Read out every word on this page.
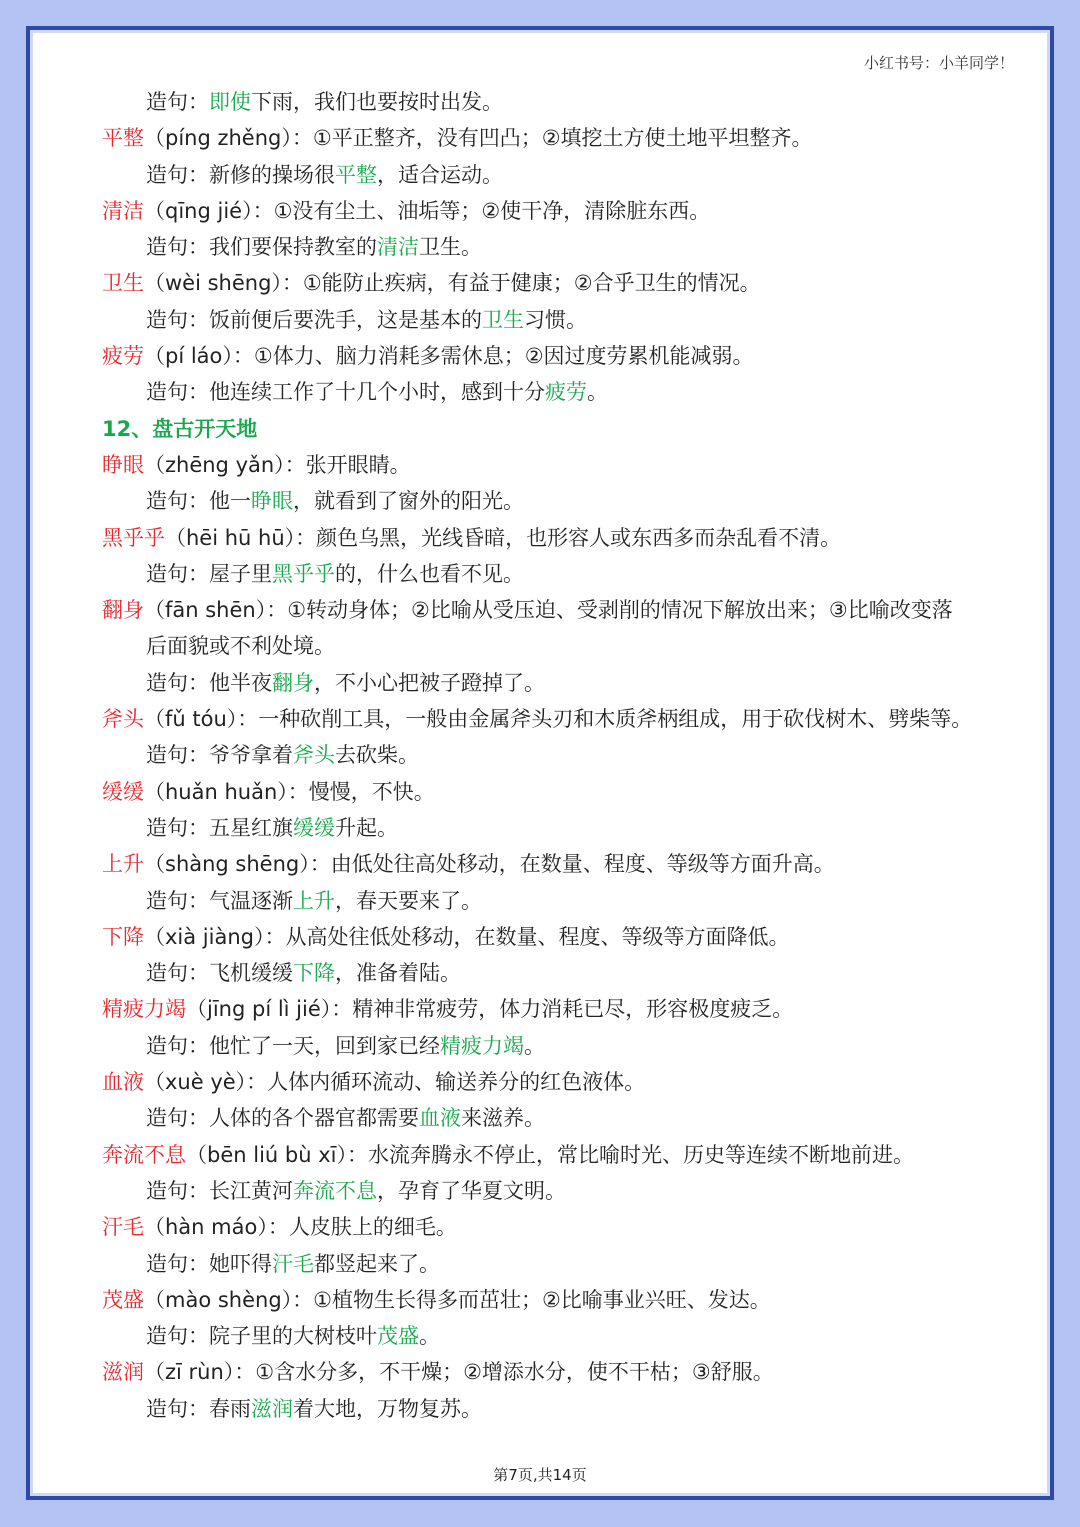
小红书号：小羊同学！
造句：即使下雨，我们也要按时出发。
平整（píng zhěng）：①平正整齐，没有凹凸；②填挖土方使土地平坦整齐。
造句：新修的操场很平整，适合运动。
清洁（qīng jié）：①没有尘土、油垢等；②使干净，清除脏东西。
造句：我们要保持教室的清洁卫生。
卫生（wèi shēng）：①能防止疾病，有益于健康；②合乎卫生的情况。
造句：饭前便后要洗手，这是基本的卫生习惯。
疲劳（pí láo）：①体力、脑力消耗多需休息；②因过度劳累机能减弱。
造句：他连续工作了十几个小时，感到十分疲劳。
12、盘古开天地
睁眼（zhēng yǎn）：张开眼睛。
造句：他一睁眼，就看到了窗外的阳光。
黑乎乎（hēi hū hū）：颜色乌黑，光线昏暗，也形容人或东西多而杂乱看不清。
造句：屋子里黑乎乎的，什么也看不见。
翻身（fān shēn）：①转动身体；②比喻从受压迫、受剥削的情况下解放出来；③比喻改变落
后面貌或不利处境。
造句：他半夜翻身，不小心把被子蹬掉了。
斧头（fǔ tóu）：一种砍削工具，一般由金属斧头刃和木质斧柄组成，用于砍伐树木、劈柴等。
造句：爷爷拿着斧头去砍柴。
缓缓（huǎn huǎn）：慢慢，不快。
造句：五星红旗缓缓升起。
上升（shàng shēng）：由低处往高处移动，在数量、程度、等级等方面升高。
造句：气温逐渐上升，春天要来了。
下降（xià jiàng）：从高处往低处移动，在数量、程度、等级等方面降低。
造句：飞机缓缓下降，准备着陆。
精疲力竭（jīng pí lì jié）：精神非常疲劳，体力消耗已尽，形容极度疲乏。
造句：他忙了一天，回到家已经精疲力竭。
血液（xuè yè）：人体内循环流动、输送养分的红色液体。
造句：人体的各个器官都需要血液来滋养。
奔流不息（bēn liú bù xī）：水流奔腾永不停止，常比喻时光、历史等连续不断地前进。
造句：长江黄河奔流不息，孕育了华夏文明。
汗毛（hàn máo）：人皮肤上的细毛。
造句：她吓得汗毛都竖起来了。
茂盛（mào shèng）：①植物生长得多而茁壮；②比喻事业兴旺、发达。
造句：院子里的大树枝叶茂盛。
滋润（zī rùn）：①含水分多，不干燥；②增添水分，使不干枯；③舒服。
造句：春雨滋润着大地，万物复苏。
第7页,共14页
